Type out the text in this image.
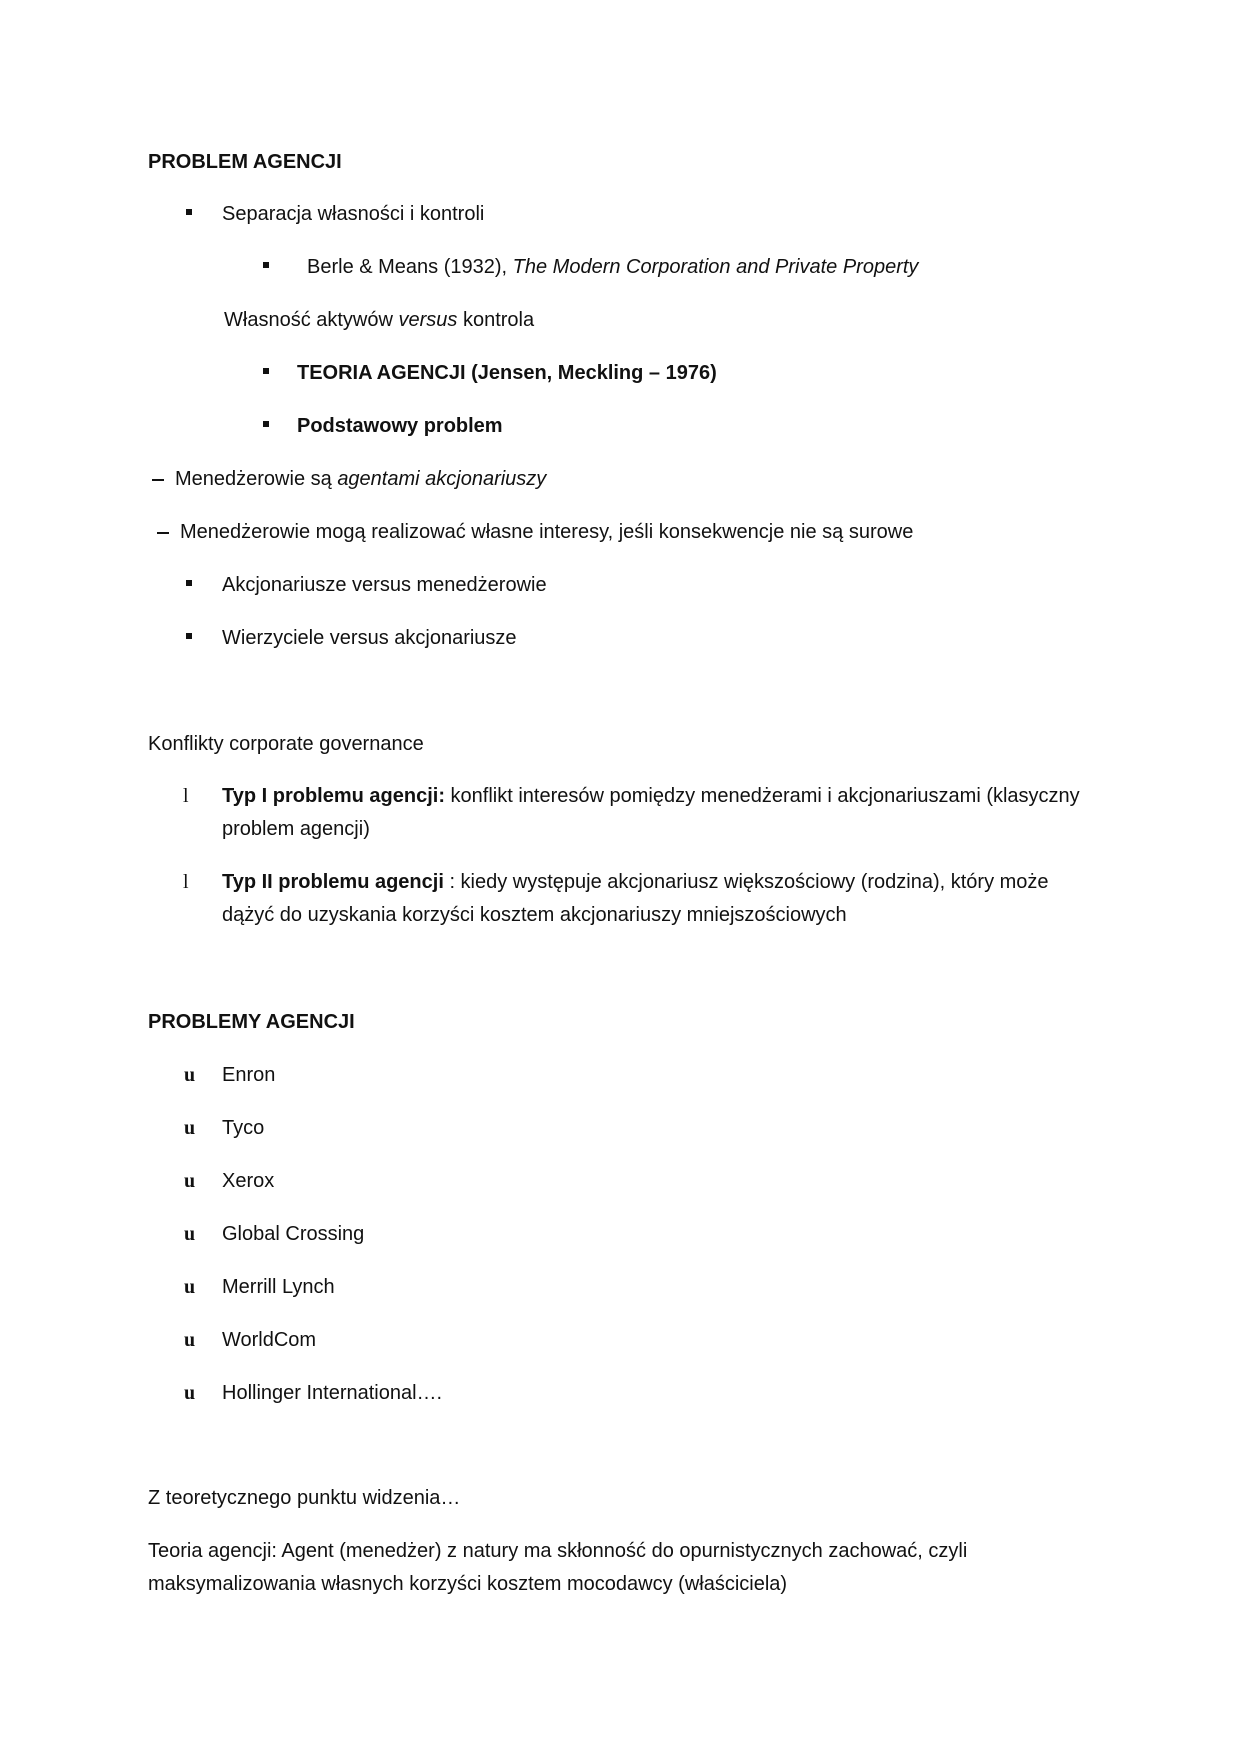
PROBLEM AGENCJI
Separacja własności i kontroli
Berle & Means (1932), The Modern Corporation and Private Property
Własność aktywów versus kontrola
TEORIA AGENCJI (Jensen, Meckling – 1976)
Podstawowy problem
Menedżerowie są agentami akcjonariuszy
Menedżerowie mogą realizować własne interesy, jeśli konsekwencje nie są surowe
Akcjonariusze versus menedżerowie
Wierzyciele versus akcjonariusze
Konflikty corporate governance
l Typ I problemu agencji: konflikt interesów pomiędzy menedżerami i akcjonariuszami (klasyczny problem agencji)
l Typ II problemu agencji : kiedy występuje akcjonariusz większościowy (rodzina), który może dążyć do uzyskania korzyści kosztem akcjonariuszy mniejszościowych
PROBLEMY AGENCJI
u Enron
u Tyco
u Xerox
u Global Crossing
u Merrill Lynch
u WorldCom
u Hollinger International….
Z teoretycznego punktu widzenia…
Teoria agencji: Agent (menedżer) z natury ma skłonność do opurnistycznych zachować, czyli maksymalizowania własnych korzyści kosztem mocodawcy (właściciela)
